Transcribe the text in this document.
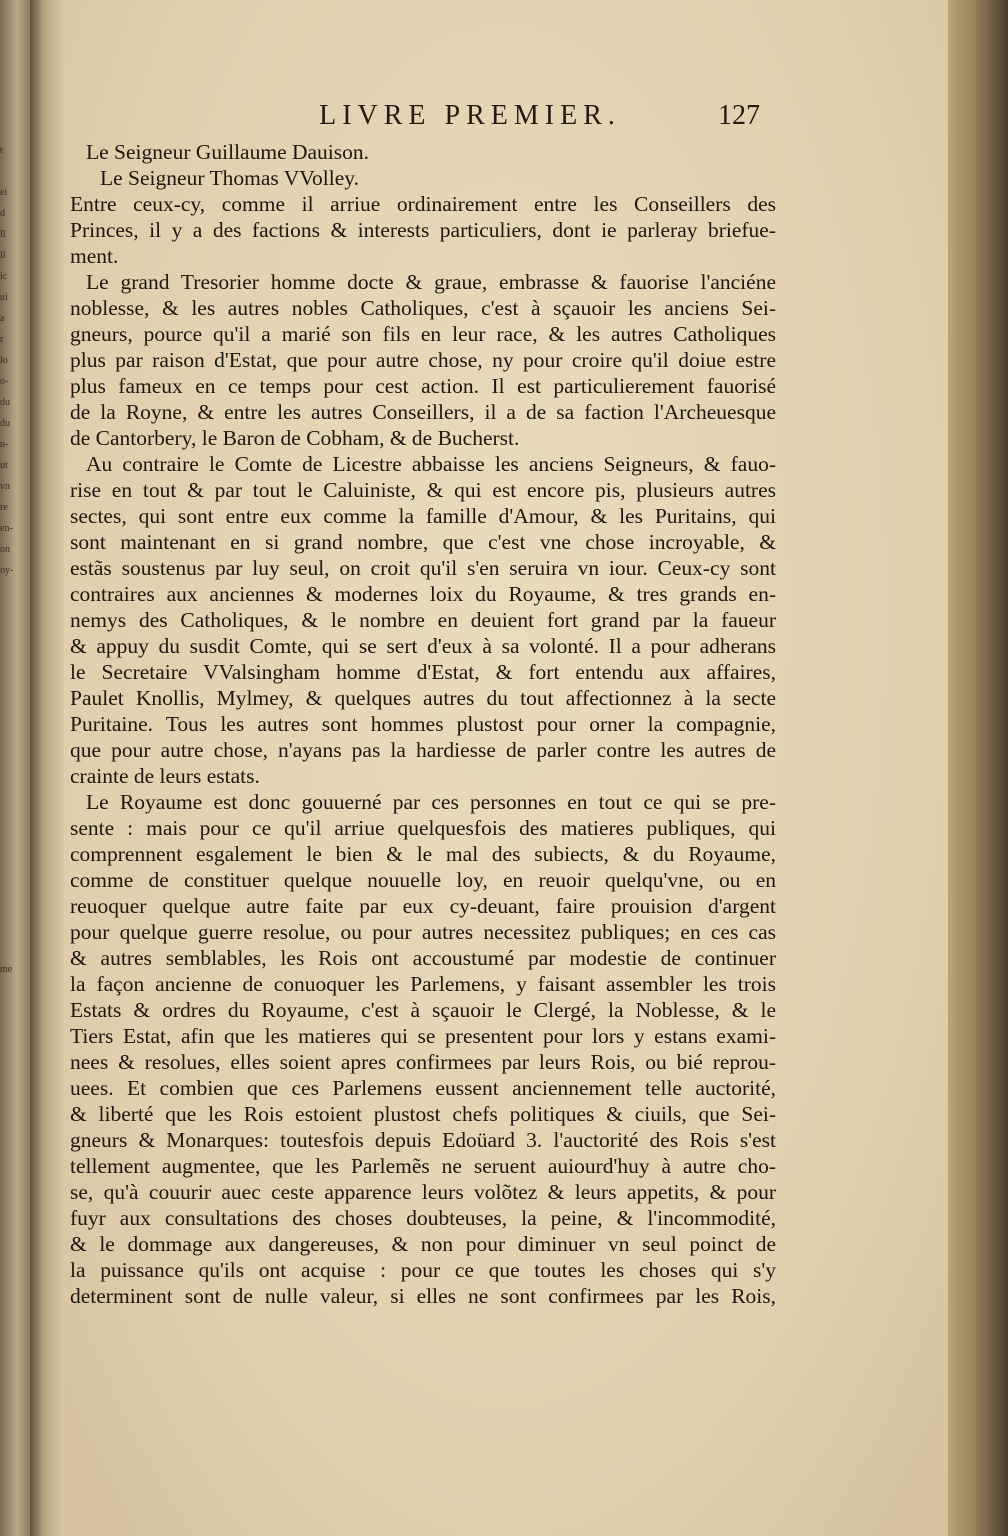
t
ei
d
ll
ll
ic
ui
a
r
lo
o-
du
du
n-
ut
vn
re
en-
on
oy-
me
LIVRE PREMIER.	127
Le Seigneur Guillaume Dauison.
Le Seigneur Thomas VVolley.
Entre ceux-cy, comme il arriue ordinairement entre les Conseillers des
Princes, il y a des factions & interests particuliers, dont ie parleray briefue-
ment.
Le grand Tresorier homme docte & graue, embrasse & fauorise l'anciéne
noblesse, & les autres nobles Catholiques, c'est à sçauoir les anciens Sei-
gneurs, pource qu'il a marié son fils en leur race, & les autres Catholiques
plus par raison d'Estat, que pour autre chose, ny pour croire qu'il doiue estre
plus fameux en ce temps pour cest action. Il est particulierement fauorisé
de la Royne, & entre les autres Conseillers, il a de sa faction l'Archeuesque
de Cantorbery, le Baron de Cobham, & de Bucherst.
Au contraire le Comte de Licestre abbaisse les anciens Seigneurs, & fauo-
rise en tout & par tout le Caluiniste, & qui est encore pis, plusieurs autres
sectes, qui sont entre eux comme la famille d'Amour, & les Puritains, qui
sont maintenant en si grand nombre, que c'est vne chose incroyable, &
estãs soustenus par luy seul, on croit qu'il s'en seruira vn iour. Ceux-cy sont
contraires aux anciennes & modernes loix du Royaume, & tres grands en-
nemys des Catholiques, & le nombre en deuient fort grand par la faueur
& appuy du susdit Comte, qui se sert d'eux à sa volonté. Il a pour adherans
le Secretaire VValsingham homme d'Estat, & fort entendu aux affaires,
Paulet Knollis, Mylmey, & quelques autres du tout affectionnez à la secte
Puritaine. Tous les autres sont hommes plustost pour orner la compagnie,
que pour autre chose, n'ayans pas la hardiesse de parler contre les autres de
crainte de leurs estats.
Le Royaume est donc gouuerné par ces personnes en tout ce qui se pre-
sente : mais pour ce qu'il arriue quelquesfois des matieres publiques, qui
comprennent esgalement le bien & le mal des subiects, & du Royaume,
comme de constituer quelque nouuelle loy, en reuoir quelqu'vne, ou en
reuoquer quelque autre faite par eux cy-deuant, faire prouision d'argent
pour quelque guerre resolue, ou pour autres necessitez publiques; en ces cas
& autres semblables, les Rois ont accoustumé par modestie de continuer
la façon ancienne de conuoquer les Parlemens, y faisant assembler les trois
Estats & ordres du Royaume, c'est à sçauoir le Clergé, la Noblesse, & le
Tiers Estat, afin que les matieres qui se presentent pour lors y estans exami-
nees & resolues, elles soient apres confirmees par leurs Rois, ou bié reprou-
uees. Et combien que ces Parlemens eussent anciennement telle auctorité,
& liberté que les Rois estoient plustost chefs politiques & ciuils, que Sei-
gneurs & Monarques: toutesfois depuis Edoüard 3. l'auctorité des Rois s'est
tellement augmentee, que les Parlemẽs ne seruent auiourd'huy à autre cho-
se, qu'à couurir auec ceste apparence leurs volõtez & leurs appetits, & pour
fuyr aux consultations des choses doubteuses, la peine, & l'incommodité,
& le dommage aux dangereuses, & non pour diminuer vn seul poinct de
la puissance qu'ils ont acquise : pour ce que toutes les choses qui s'y
determinent sont de nulle valeur, si elles ne sont confirmees par les Rois,
